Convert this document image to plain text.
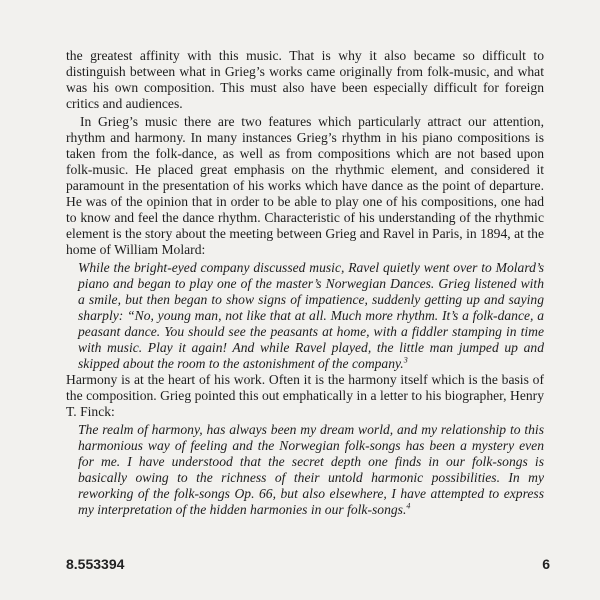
the greatest affinity with this music. That is why it also became so difficult to distinguish between what in Grieg’s works came originally from folk-music, and what was his own composition. This must also have been especially difficult for foreign critics and audiences.

In Grieg’s music there are two features which particularly attract our attention, rhythm and harmony. In many instances Grieg’s rhythm in his piano compositions is taken from the folk-dance, as well as from compositions which are not based upon folk-music. He placed great emphasis on the rhythmic element, and considered it paramount in the presentation of his works which have dance as the point of departure. He was of the opinion that in order to be able to play one of his compositions, one had to know and feel the dance rhythm. Characteristic of his understanding of the rhythmic element is the story about the meeting between Grieg and Ravel in Paris, in 1894, at the home of William Molard:

While the bright-eyed company discussed music, Ravel quietly went over to Molard’s piano and began to play one of the master’s Norwegian Dances. Grieg listened with a smile, but then began to show signs of impatience, suddenly getting up and saying sharply: “No, young man, not like that at all. Much more rhythm. It’s a folk-dance, a peasant dance. You should see the peasants at home, with a fiddler stamping in time with music. Play it again! And while Ravel played, the little man jumped up and skipped about the room to the astonishment of the company.$^3$

Harmony is at the heart of his work. Often it is the harmony itself which is the basis of the composition. Grieg pointed this out emphatically in a letter to his biographer, Henry T. Finck:

The realm of harmony, has always been my dream world, and my relationship to this harmonious way of feeling and the Norwegian folk-songs has been a mystery even for me. I have understood that the secret depth one finds in our folk-songs is basically owing to the richness of their untold harmonic possibilities. In my reworking of the folk-songs Op. 66, but also elsewhere, I have attempted to express my interpretation of the hidden harmonies in our folk-songs.$^4$

8.553394	6
